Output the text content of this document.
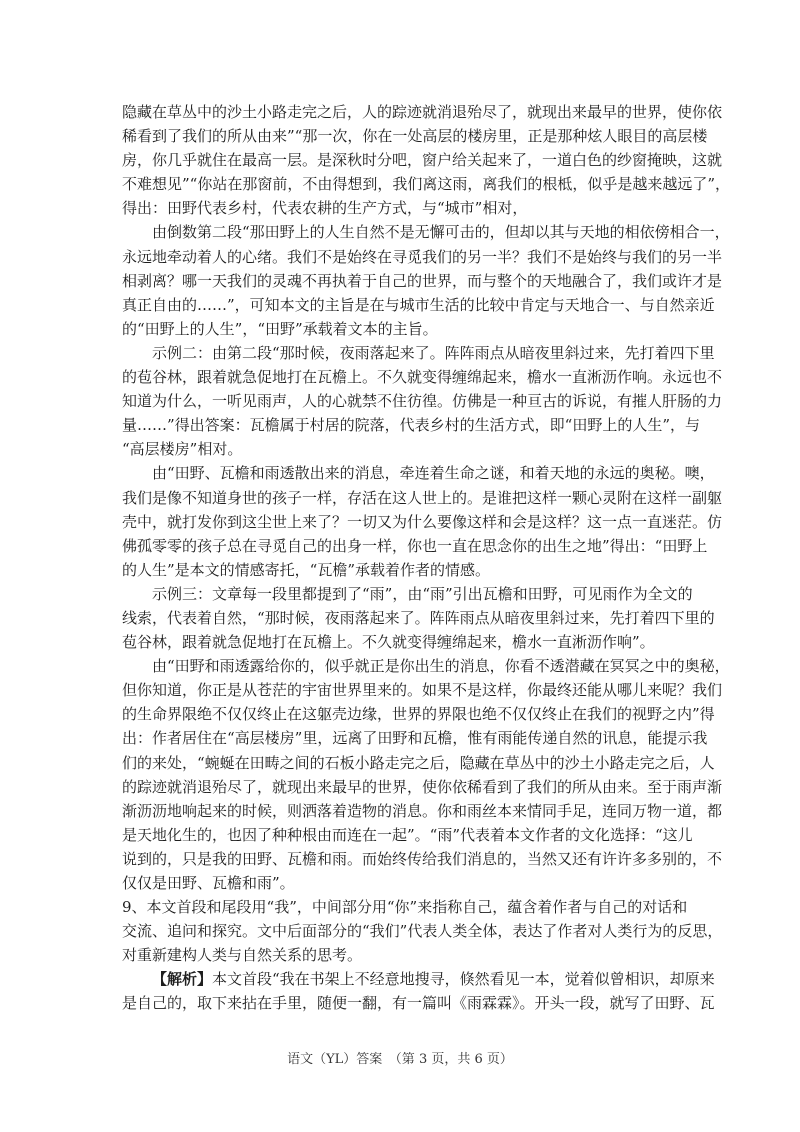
隐藏在草丛中的沙土小路走完之后，人的踪迹就消退殆尽了，就现出来最早的世界，使你依
稀看到了我们的所从由来”“那一次，你在一处高层的楼房里，正是那种炫人眼目的高层楼
房，你几乎就住在最高一层。是深秋时分吧，窗户给关起来了，一道白色的纱窗掩映，这就
不难想见”“你站在那窗前，不由得想到，我们离这雨，离我们的根柢，似乎是越来越远了”，
得出：田野代表乡村，代表农耕的生产方式，与“城市”相对，
由倒数第二段“那田野上的人生自然不是无懈可击的，但却以其与天地的相依傍相合一，
永远地牵动着人的心绪。我们不是始终在寻觅我们的另一半？我们不是始终与我们的另一半
相剥离？哪一天我们的灵魂不再执着于自己的世界，而与整个的天地融合了，我们或许才是
真正自由的……”，可知本文的主旨是在与城市生活的比较中肯定与天地合一、与自然亲近
的“田野上的人生”，“田野”承载着文本的主旨。
示例二：由第二段“那时候，夜雨落起来了。阵阵雨点从暗夜里斜过来，先打着四下里
的苞谷林，跟着就急促地打在瓦檐上。不久就变得缠绵起来，檐水一直淅沥作响。永远也不
知道为什么，一听见雨声，人的心就禁不住彷徨。仿佛是一种亘古的诉说，有摧人肝肠的力
量……”得出答案：瓦檐属于村居的院落，代表乡村的生活方式，即“田野上的人生”，与
“高层楼房”相对。
由“田野、瓦檐和雨透散出来的消息，牵连着生命之谜，和着天地的永远的奥秘。噢，
我们是像不知道身世的孩子一样，存活在这人世上的。是谁把这样一颗心灵附在这样一副躯
壳中，就打发你到这尘世上来了？一切又为什么要像这样和会是这样？这一点一直迷茫。仿
佛孤零零的孩子总在寻觅自己的出身一样，你也一直在思念你的出生之地”得出：“田野上
的人生”是本文的情感寄托，“瓦檐”承载着作者的情感。
示例三：文章每一段里都提到了“雨”，由“雨”引出瓦檐和田野，可见雨作为全文的
线索，代表着自然，“那时候，夜雨落起来了。阵阵雨点从暗夜里斜过来，先打着四下里的
苞谷林，跟着就急促地打在瓦檐上。不久就变得缠绵起来，檐水一直淅沥作响”。
由“田野和雨透露给你的，似乎就正是你出生的消息，你看不透潜藏在冥冥之中的奥秘，
但你知道，你正是从苍茫的宇宙世界里来的。如果不是这样，你最终还能从哪儿来呢？我们
的生命界限绝不仅仅终止在这躯壳边缘，世界的界限也绝不仅仅终止在我们的视野之内”得
出：作者居住在“高层楼房”里，远离了田野和瓦檐，惟有雨能传递自然的讯息，能提示我
们的来处，“蜿蜒在田畴之间的石板小路走完之后，隐藏在草丛中的沙土小路走完之后，人
的踪迹就消退殆尽了，就现出来最早的世界，使你依稀看到了我们的所从由来。至于雨声渐
渐沥沥地响起来的时候，则洒落着造物的消息。你和雨丝本来情同手足，连同万物一道，都
是天地化生的，也因了种种根由而连在一起”。“雨”代表着本文作者的文化选择：“这儿
说到的，只是我的田野、瓦檐和雨。而始终传给我们消息的，当然又还有许许多多别的，不
仅仅是田野、瓦檐和雨”。
9、本文首段和尾段用“我”，中间部分用“你”来指称自己，蕴含着作者与自己的对话和
交流、追问和探究。文中后面部分的“我们”代表人类全体，表达了作者对人类行为的反思，
对重新建构人类与自然关系的思考。
【解析】本文首段“我在书架上不经意地搜寻，倏然看见一本，觉着似曾相识，却原来
是自己的，取下来拈在手里，随便一翻，有一篇叫《雨霖霖》。开头一段，就写了田野、瓦
语文（YL）答案　（第 3 页，共 6 页）
